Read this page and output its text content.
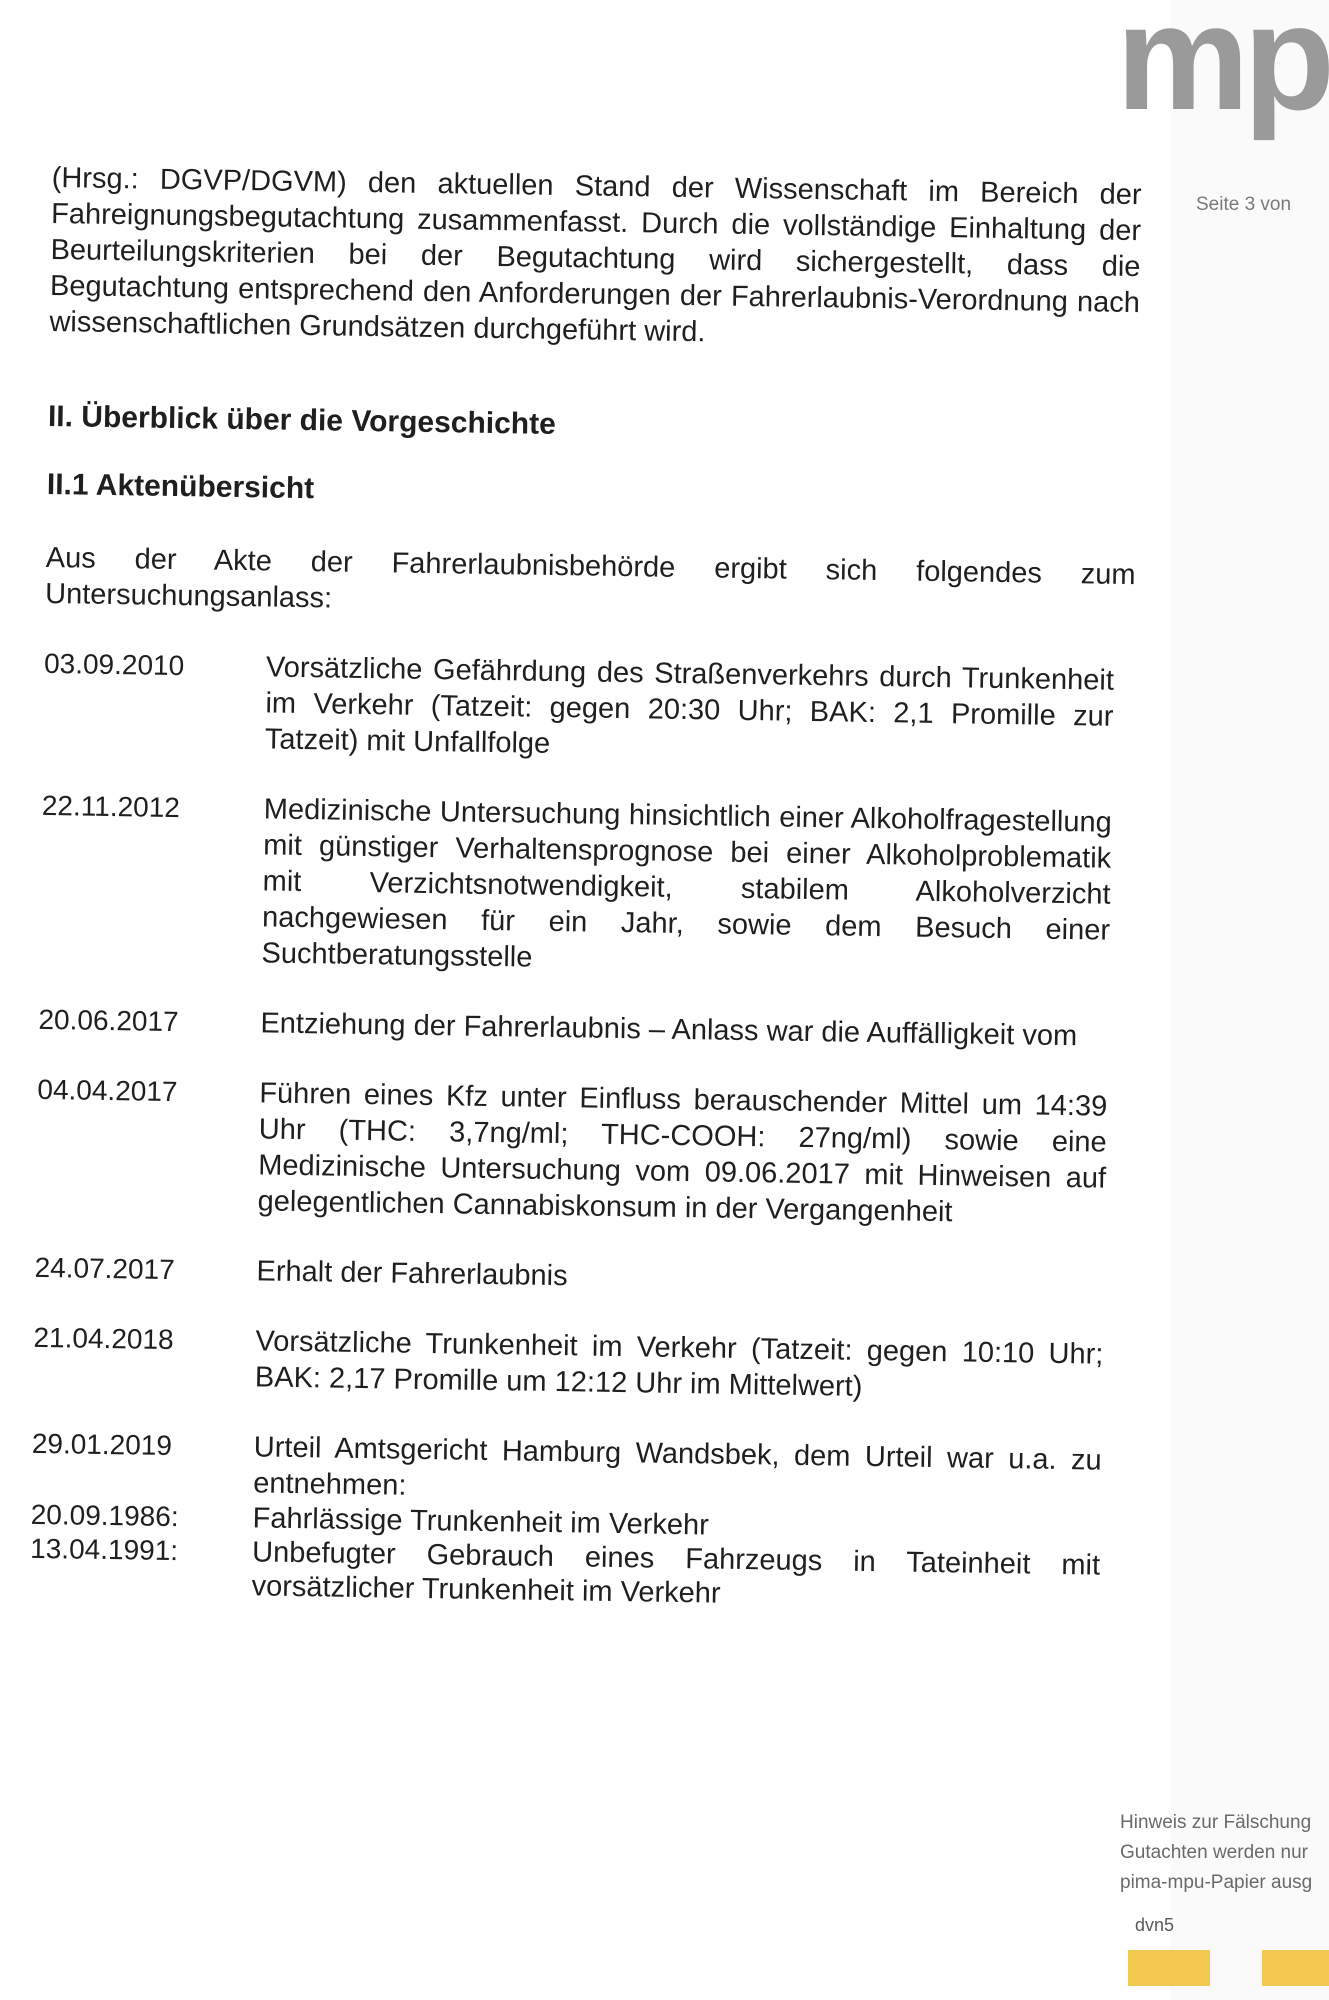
mp
Seite 3 von

(Hrsg.: DGVP/DGVM) den aktuellen Stand der Wissenschaft im Bereich der Fahreignungsbegutachtung zusammenfasst. Durch die vollständige Einhaltung der Beurteilungskriterien bei der Begutachtung wird sichergestellt, dass die Begutachtung entsprechend den Anforderungen der Fahrerlaubnis-Verordnung nach wissenschaftlichen Grundsätzen durchgeführt wird.

II. Überblick über die Vorgeschichte
II.1 Aktenübersicht

Aus der Akte der Fahrerlaubnisbehörde ergibt sich folgendes zum Untersuchungsanlass:

03.09.2010	Vorsätzliche Gefährdung des Straßenverkehrs durch Trunkenheit im Verkehr (Tatzeit: gegen 20:30 Uhr; BAK: 2,1 Promille zur Tatzeit) mit Unfallfolge
22.11.2012	Medizinische Untersuchung hinsichtlich einer Alkoholfragestellung mit günstiger Verhaltensprognose bei einer Alkoholproblematik mit Verzichtsnotwendigkeit, stabilem Alkoholverzicht nachgewiesen für ein Jahr, sowie dem Besuch einer Suchtberatungsstelle
20.06.2017	Entziehung der Fahrerlaubnis – Anlass war die Auffälligkeit vom
04.04.2017	Führen eines Kfz unter Einfluss berauschender Mittel um 14:39 Uhr (THC: 3,7ng/ml; THC-COOH: 27ng/ml) sowie eine Medizinische Untersuchung vom 09.06.2017 mit Hinweisen auf gelegentlichen Cannabiskonsum in der Vergangenheit
24.07.2017	Erhalt der Fahrerlaubnis
21.04.2018	Vorsätzliche Trunkenheit im Verkehr (Tatzeit: gegen 10:10 Uhr; BAK: 2,17 Promille um 12:12 Uhr im Mittelwert)
29.01.2019	Urteil Amtsgericht Hamburg Wandsbek, dem Urteil war u.a. zu entnehmen:
20.09.1986:	Fahrlässige Trunkenheit im Verkehr
13.04.1991:	Unbefugter Gebrauch eines Fahrzeugs in Tateinheit mit vorsätzlicher Trunkenheit im Verkehr
Hinweis zur Fälschung
Gutachten werden nur
pima-mpu-Papier ausg
dvn5
